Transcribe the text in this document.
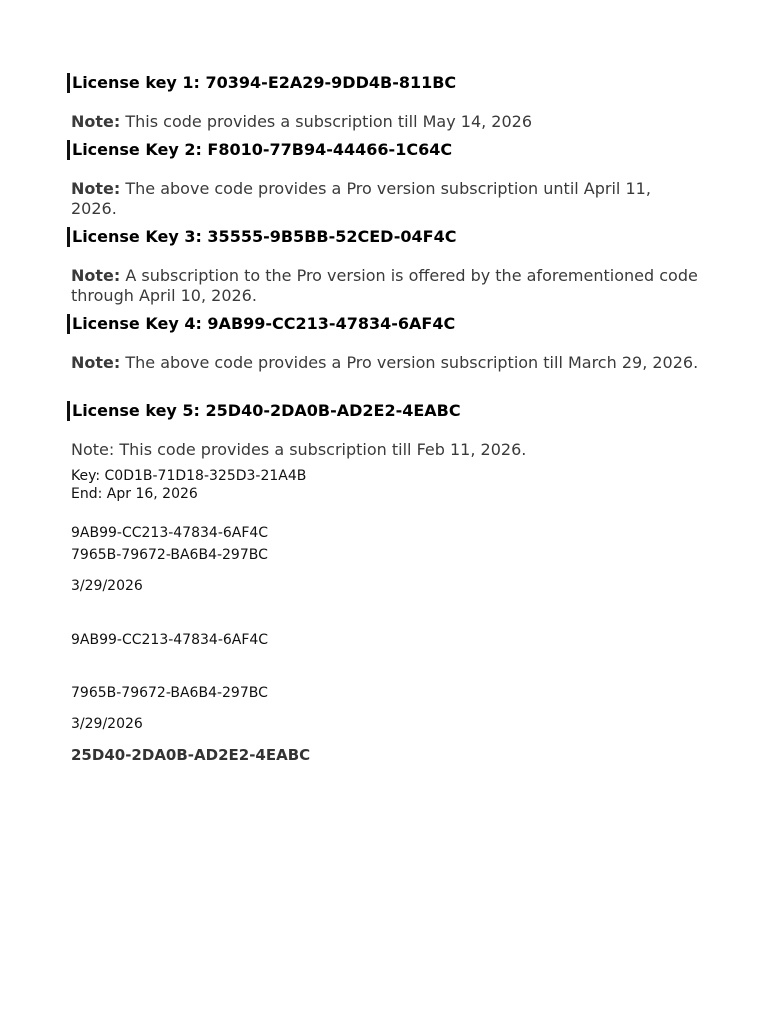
License key 1: 70394-E2A29-9DD4B-811BC
Note: This code provides a subscription till May 14, 2026
License Key 2: F8010-77B94-44466-1C64C
Note: The above code provides a Pro version subscription until April 11, 2026.
License Key 3: 35555-9B5BB-52CED-04F4C
Note: A subscription to the Pro version is offered by the aforementioned code through April 10, 2026.
License Key 4: 9AB99-CC213-47834-6AF4C
Note: The above code provides a Pro version subscription till March 29, 2026.
License key 5: 25D40-2DA0B-AD2E2-4EABC
Note: This code provides a subscription till Feb 11, 2026.
Key: C0D1B-71D18-325D3-21A4B
End: Apr 16, 2026
9AB99-CC213-47834-6AF4C
7965B-79672-BA6B4-297BC
3/29/2026
9AB99-CC213-47834-6AF4C
7965B-79672-BA6B4-297BC
3/29/2026
25D40-2DA0B-AD2E2-4EABC
